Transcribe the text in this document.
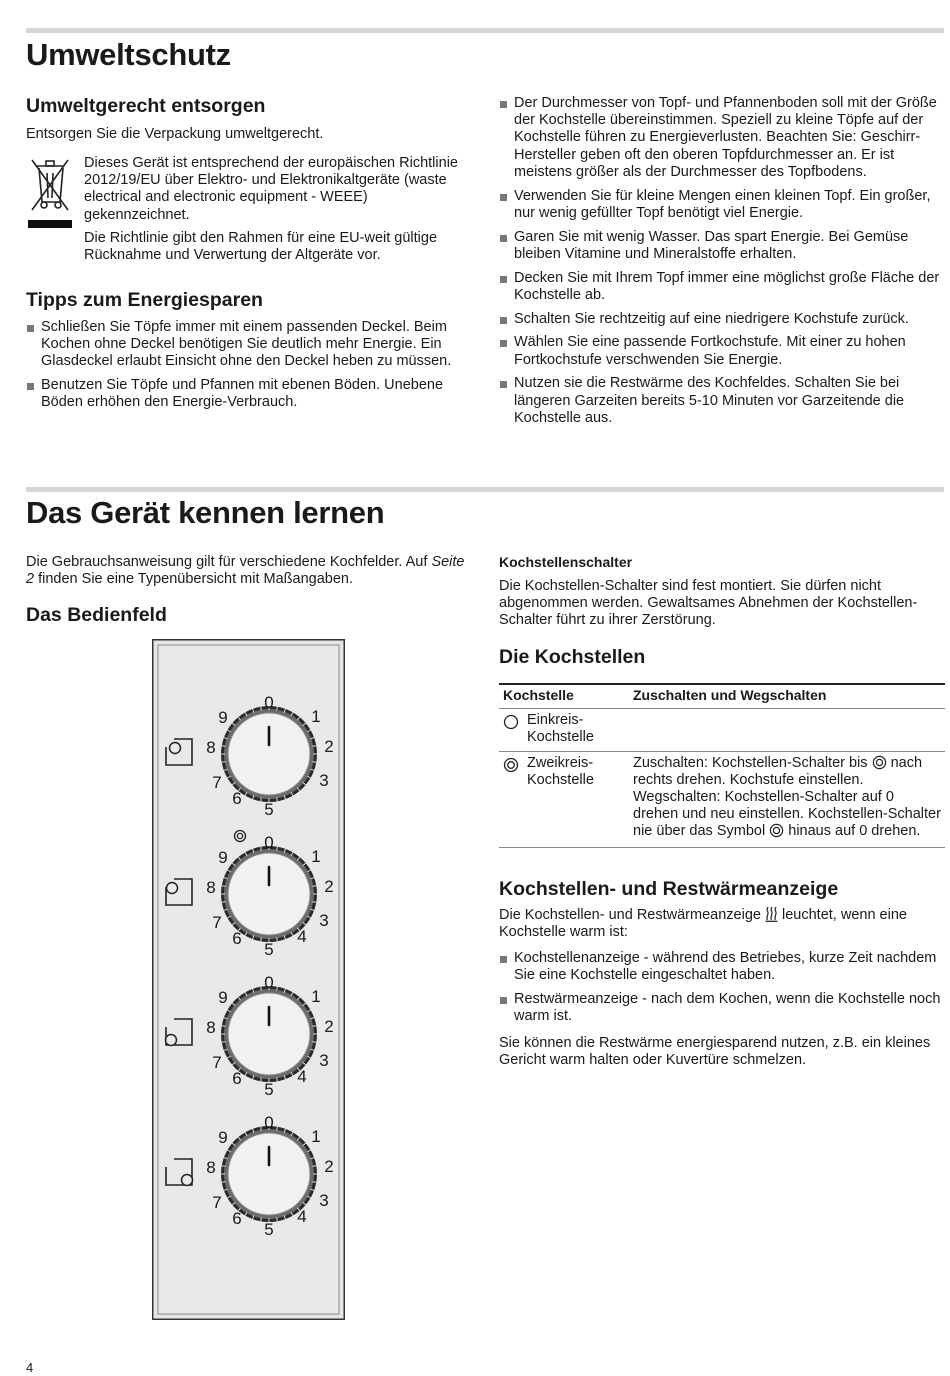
Umweltschutz
Umweltgerecht entsorgen

Entsorgen Sie die Verpackung umweltgerecht.

Dieses Gerät ist entsprechend der europäischen Richtlinie 2012/19/EU über Elektro- und Elektronikaltgeräte (waste electrical and electronic equipment - WEEE) gekennzeichnet.

Die Richtlinie gibt den Rahmen für eine EU-weit gültige Rücknahme und Verwertung der Altgeräte vor.

Tipps zum Energiesparen
Schließen Sie Töpfe immer mit einem passenden Deckel. Beim Kochen ohne Deckel benötigen Sie deutlich mehr Energie. Ein Glasdeckel erlaubt Einsicht ohne den Deckel heben zu müssen.
Benutzen Sie Töpfe und Pfannen mit ebenen Böden. Unebene Böden erhöhen den Energie-Verbrauch.
Der Durchmesser von Topf- und Pfannenboden soll mit der Größe der Kochstelle übereinstimmen. Speziell zu kleine Töpfe auf der Kochstelle führen zu Energieverlusten. Beachten Sie: Geschirr-Hersteller geben oft den oberen Topfdurchmesser an. Er ist meistens größer als der Durchmesser des Topfbodens.
Verwenden Sie für kleine Mengen einen kleinen Topf. Ein großer, nur wenig gefüllter Topf benötigt viel Energie.
Garen Sie mit wenig Wasser. Das spart Energie. Bei Gemüse bleiben Vitamine und Mineralstoffe erhalten.
Decken Sie mit Ihrem Topf immer eine möglichst große Fläche der Kochstelle ab.
Schalten Sie rechtzeitig auf eine niedrigere Kochstufe zurück.
Wählen Sie eine passende Fortkochstufe. Mit einer zu hohen Fortkochstufe verschwenden Sie Energie.
Nutzen sie die Restwärme des Kochfeldes. Schalten Sie bei längeren Garzeiten bereits 5-10 Minuten vor Garzeitende die Kochstelle aus.
Das Gerät kennen lernen

Die Gebrauchsanweisung gilt für verschiedene Kochfelder. Auf Seite 2 finden Sie eine Typenübersicht mit Maßangaben.

Das Bedienfeld
0
1
2
3
5
6
7
8
9
0
1
2
3
4
5
6
7
8
9
0
1
2
3
4
5
6
7
8
9
0
1
2
3
4
5
6
7
8
9
Kochstellenschalter

Die Kochstellen-Schalter sind fest montiert. Sie dürfen nicht abgenommen werden. Gewaltsames Abnehmen der Kochstellen-Schalter führt zu ihrer Zerstörung.

Die Kochstellen
Kochstelle	Zuschalten und Wegschalten

Einkreis-Kochstelle	

Zweikreis-Kochstelle	Zuschalten: Kochstellen-Schalter bis nach rechts drehen. Kochstufe einstellen. Wegschalten: Kochstellen-Schalter auf 0 drehen und neu einstellen. Kochstellen-Schalter nie über das Symbol hinaus auf 0 drehen.
Kochstellen- und Restwärmeanzeige

Die Kochstellen- und Restwärmeanzeige leuchtet, wenn eine Kochstelle warm ist:

Kochstellenanzeige - während des Betriebes, kurze Zeit nachdem Sie eine Kochstelle eingeschaltet haben.
Restwärmeanzeige - nach dem Kochen, wenn die Kochstelle noch warm ist.

Sie können die Restwärme energiesparend nutzen, z.B. ein kleines Gericht warm halten oder Kuvertüre schmelzen.

4
